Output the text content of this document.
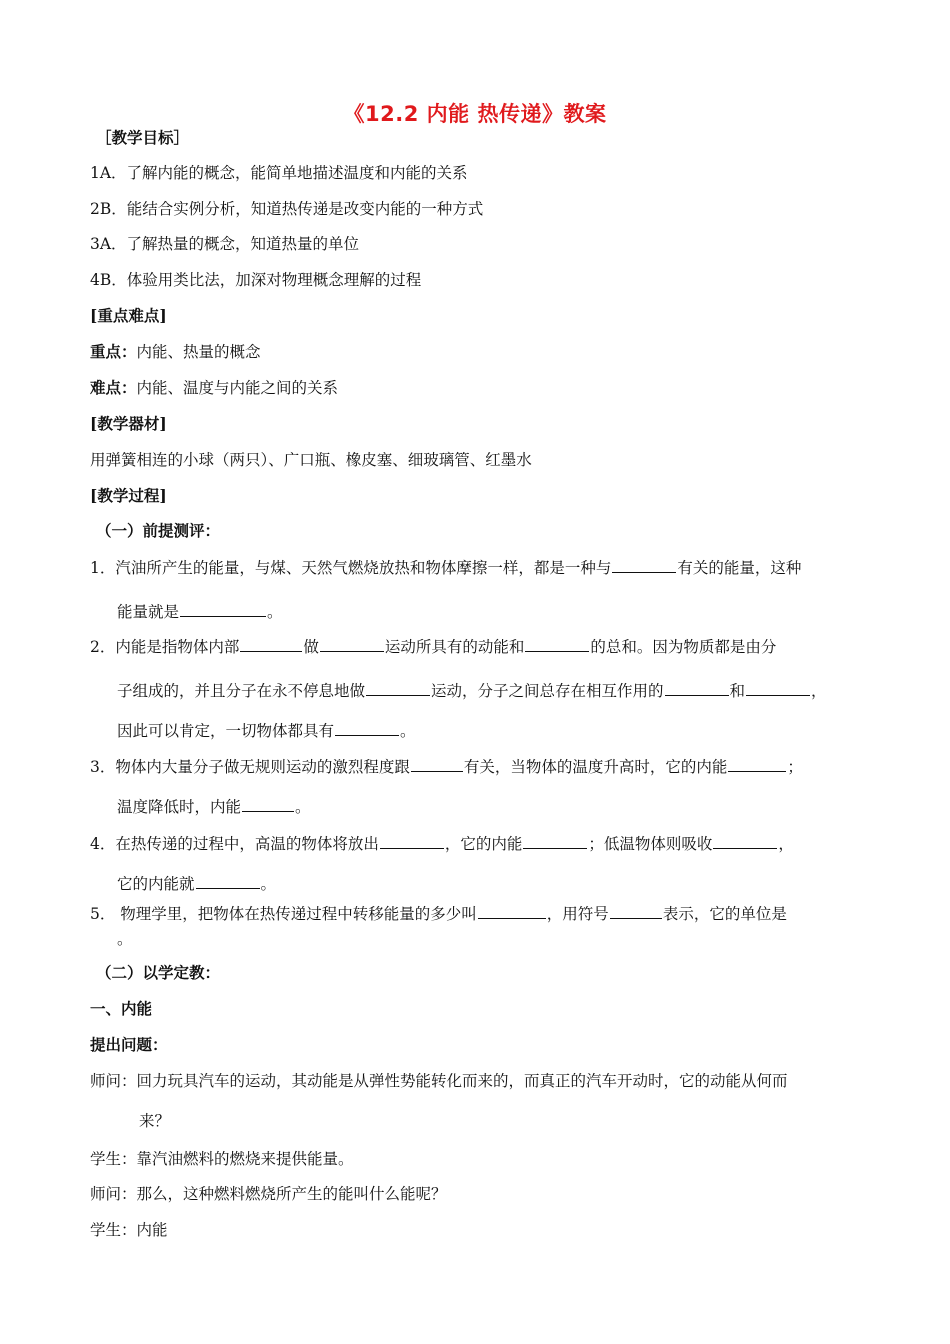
《12.2 内能 热传递》教案
［教学目标］
1A．了解内能的概念，能简单地描述温度和内能的关系
2B．能结合实例分析，知道热传递是改变内能的一种方式
3A．了解热量的概念，知道热量的单位
4B．体验用类比法，加深对物理概念理解的过程
[重点难点]
重点：内能、热量的概念
难点：内能、温度与内能之间的关系
[教学器材]
用弹簧相连的小球（两只）、广口瓶、橡皮塞、细玻璃管、红墨水
[教学过程]
（一）前提测评：
1．汽油所产生的能量，与煤、天然气燃烧放热和物体摩擦一样，都是一种与	有关的能量，这种
能量就是	。
2．内能是指物体内部	做	运动所具有的动能和	的总和。因为物质都是由分
子组成的，并且分子在永不停息地做	运动，分子之间总存在相互作用的	和	，
因此可以肯定，一切物体都具有	。
3．物体内大量分子做无规则运动的激烈程度跟	有关，当物体的温度升高时，它的内能	；
温度降低时，内能	。
4．在热传递的过程中，高温的物体将放出	，它的内能	；低温物体则吸收	，
它的内能就	。
5． 物理学里，把物体在热传递过程中转移能量的多少叫	，用符号	表示，它的单位是
。
（二）以学定教：
一、内能
提出问题：
师问：回力玩具汽车的运动，其动能是从弹性势能转化而来的，而真正的汽车开动时，它的动能从何而
来？
学生：靠汽油燃料的燃烧来提供能量。
师问：那么，这种燃料燃烧所产生的能叫什么能呢？
学生：内能
